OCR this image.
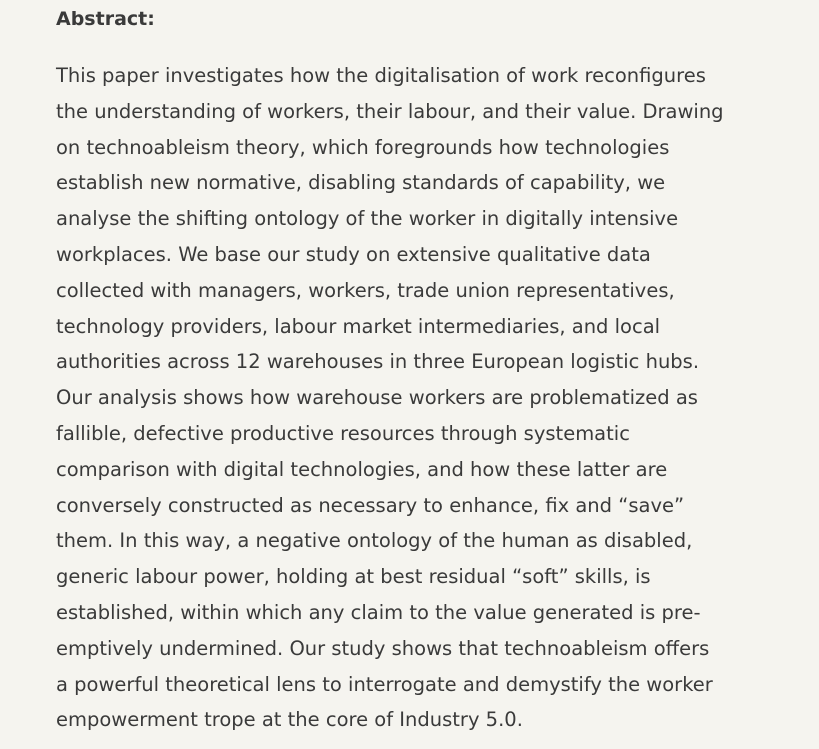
Abstract:

This paper investigates how the digitalisation of work reconfigures
the understanding of workers, their labour, and their value. Drawing
on technoableism theory, which foregrounds how technologies
establish new normative, disabling standards of capability, we
analyse the shifting ontology of the worker in digitally intensive
workplaces. We base our study on extensive qualitative data
collected with managers, workers, trade union representatives,
technology providers, labour market intermediaries, and local
authorities across 12 warehouses in three European logistic hubs.
Our analysis shows how warehouse workers are problematized as
fallible, defective productive resources through systematic
comparison with digital technologies, and how these latter are
conversely constructed as necessary to enhance, fix and “save”
them. In this way, a negative ontology of the human as disabled,
generic labour power, holding at best residual “soft” skills, is
established, within which any claim to the value generated is pre-
emptively undermined. Our study shows that technoableism offers
a powerful theoretical lens to interrogate and demystify the worker
empowerment trope at the core of Industry 5.0.
